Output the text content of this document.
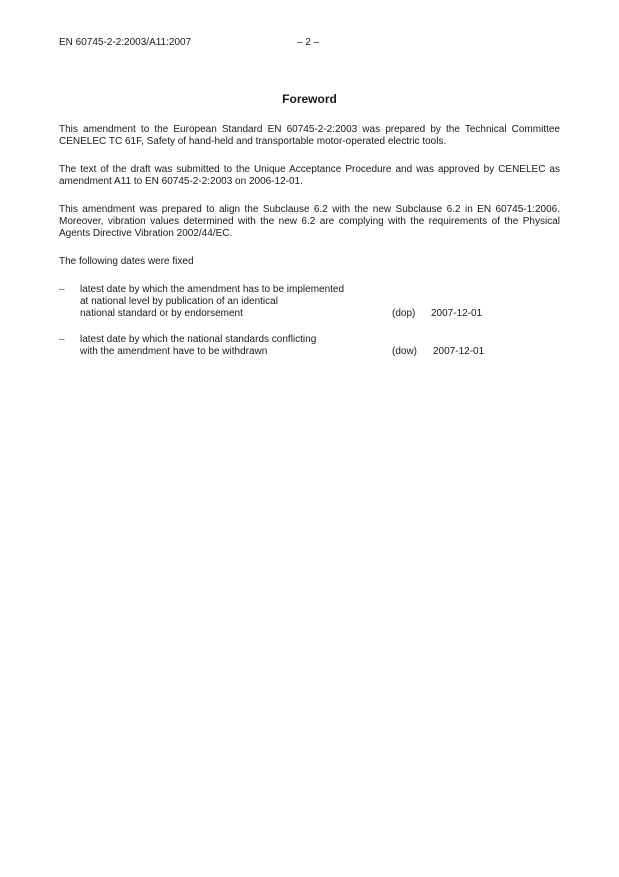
EN 60745-2-2:2003/A11:2007	– 2 –
Foreword
This amendment to the European Standard EN 60745-2-2:2003 was prepared by the Technical Committee CENELEC TC 61F, Safety of hand-held and transportable motor-operated electric tools.
The text of the draft was submitted to the Unique Acceptance Procedure and was approved by CENELEC as amendment A11 to EN 60745-2-2:2003 on 2006-12-01.
This amendment was prepared to align the Subclause 6.2 with the new Subclause 6.2 in EN 60745-1:2006. Moreover, vibration values determined with the new 6.2 are complying with the requirements of the Physical Agents Directive Vibration 2002/44/EC.
The following dates were fixed
– latest date by which the amendment has to be implemented
at national level by publication of an identical
national standard or by endorsement	(dop) 2007-12-01
– latest date by which the national standards conflicting
with the amendment have to be withdrawn	(dow) 2007-12-01
